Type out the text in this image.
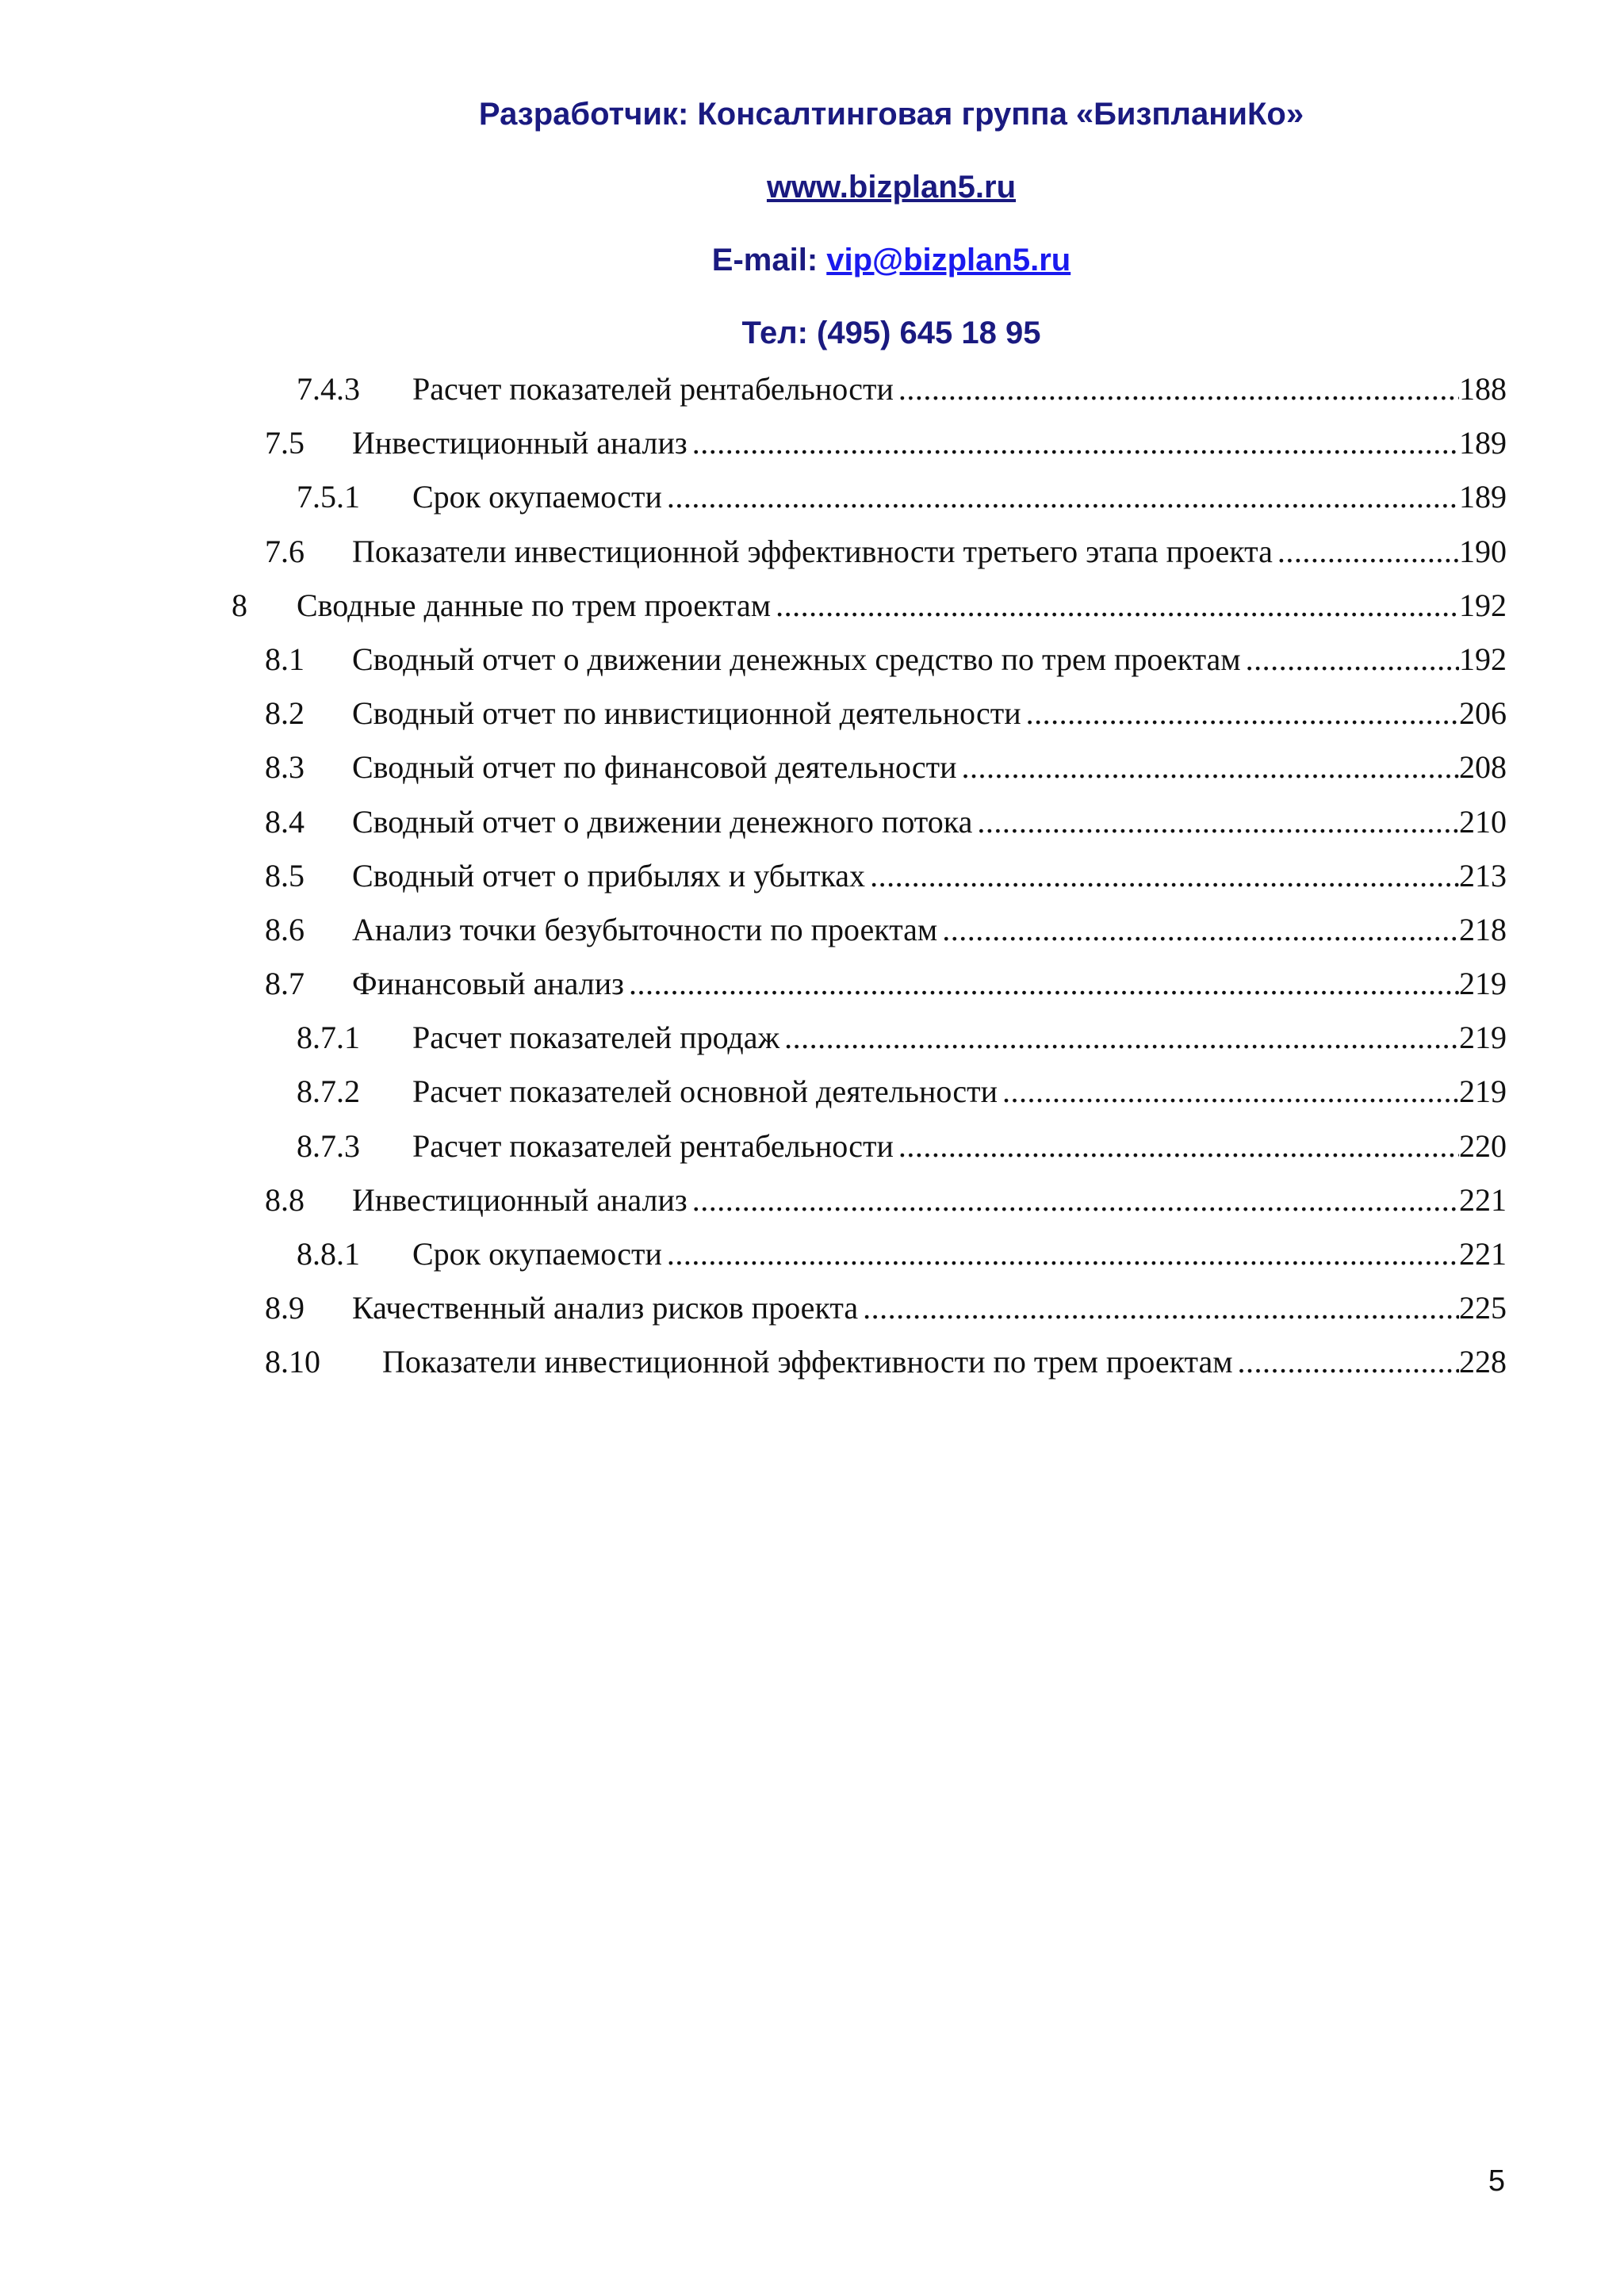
Разработчик: Консалтинговая группа «БизпланиКо»
www.bizplan5.ru
E-mail: vip@bizplan5.ru
Тел: (495) 645 18 95
7.4.3 Расчет показателей рентабельности .....	188
7.5 Инвестиционный анализ .....	189
7.5.1 Срок окупаемости .....	189
7.6 Показатели инвестиционной эффективности третьего этапа проекта .....	190
8 Сводные данные по трем проектам .....	192
8.1 Сводный отчет о движении денежных средство по трем проектам .....	192
8.2 Сводный отчет по инвистиционной деятельности .....	206
8.3 Сводный отчет по финансовой деятельности .....	208
8.4 Сводный отчет о движении денежного потока .....	210
8.5 Сводный отчет о прибылях и убытках .....	213
8.6 Анализ точки безубыточности по проектам .....	218
8.7 Финансовый анализ .....	219
8.7.1 Расчет показателей продаж .....	219
8.7.2 Расчет показателей основной деятельности .....	219
8.7.3 Расчет показателей рентабельности .....	220
8.8 Инвестиционный анализ .....	221
8.8.1 Срок окупаемости .....	221
8.9 Качественный анализ рисков проекта .....	225
8.10 Показатели инвестиционной эффективности по трем проектам .....	228
5
